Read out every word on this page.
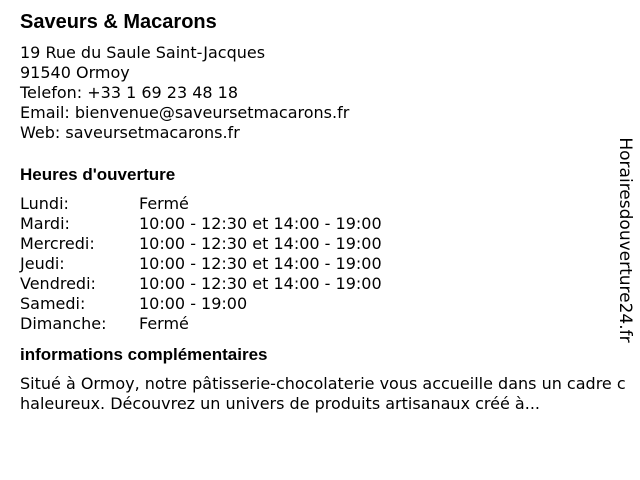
Saveurs & Macarons
19 Rue du Saule Saint-Jacques
91540 Ormoy
Telefon: +33 1 69 23 48 18
Email: bienvenue@saveursetmacarons.fr
Web: saveursetmacarons.fr
Heures d'ouverture
Lundi:	Fermé
Mardi:	10:00 - 12:30 et 14:00 - 19:00
Mercredi:	10:00 - 12:30 et 14:00 - 19:00
Jeudi:	10:00 - 12:30 et 14:00 - 19:00
Vendredi:	10:00 - 12:30 et 14:00 - 19:00
Samedi:	10:00 - 19:00
Dimanche:	Fermé
informations complémentaires

Situé à Ormoy, notre pâtisserie-chocolaterie vous accueille dans un cadre chaleureux. Découvrez un univers de produits artisanaux créé à...

Horairesdouverture24.fr
